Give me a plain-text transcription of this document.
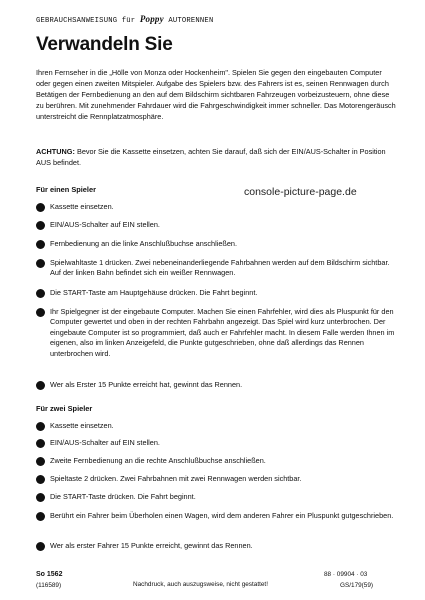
GEBRAUCHSANWEISUNG für Poppy AUTORENNEN
Verwandeln Sie
Ihren Fernseher in die „Hölle von Monza oder Hockenheim". Spielen Sie gegen den eingebauten Computer oder gegen einen zweiten Mitspieler. Aufgabe des Spielers bzw. des Fahrers ist es, seinen Rennwagen durch Betätigen der Fernbedienung an den auf dem Bildschirm sichtbaren Fahrzeugen vorbeizusteuern, ohne diese zu berühren. Mit zunehmender Fahrdauer wird die Fahrgeschwindigkeit immer schneller. Das Motorengeräusch unterstreicht die Rennplatzatmosphäre.
ACHTUNG: Bevor Sie die Kassette einsetzen, achten Sie darauf, daß sich der EIN/AUS-Schalter in Position AUS befindet.
console-picture-page.de
Für einen Spieler
Kassette einsetzen.
EIN/AUS-Schalter auf EIN stellen.
Fernbedienung an die linke Anschlußbuchse anschließen.
Spielwahltaste 1 drücken. Zwei nebeneinanderliegende Fahrbahnen werden auf dem Bildschirm sichtbar. Auf der linken Bahn befindet sich ein weißer Rennwagen.
Die START-Taste am Hauptgehäuse drücken. Die Fahrt beginnt.
Ihr Spielgegner ist der eingebaute Computer. Machen Sie einen Fahrfehler, wird dies als Pluspunkt für den Computer gewertet und oben in der rechten Fahrbahn angezeigt. Das Spiel wird kurz unterbrochen. Der eingebaute Computer ist so programmiert, daß auch er Fahrfehler macht. In diesem Falle werden Ihnen im eigenen, also im linken Anzeigefeld, die Punkte gutgeschrieben, ohne daß allerdings das Rennen unterbrochen wird.
Wer als Erster 15 Punkte erreicht hat, gewinnt das Rennen.
Für zwei Spieler
Kassette einsetzen.
EIN/AUS-Schalter auf EIN stellen.
Zweite Fernbedienung an die rechte Anschlußbuchse anschließen.
Spieltaste 2 drücken. Zwei Fahrbahnen mit zwei Rennwagen werden sichtbar.
Die START-Taste drücken. Die Fahrt beginnt.
Berührt ein Fahrer beim Überholen einen Wagen, wird dem anderen Fahrer ein Pluspunkt gutgeschrieben.
Wer als erster Fahrer 15 Punkte erreicht, gewinnt das Rennen.
So 1562
(116589)	Nachdruck, auch auszugsweise, nicht gestattet!
88 · 09904 · 03
GS/179(59)
